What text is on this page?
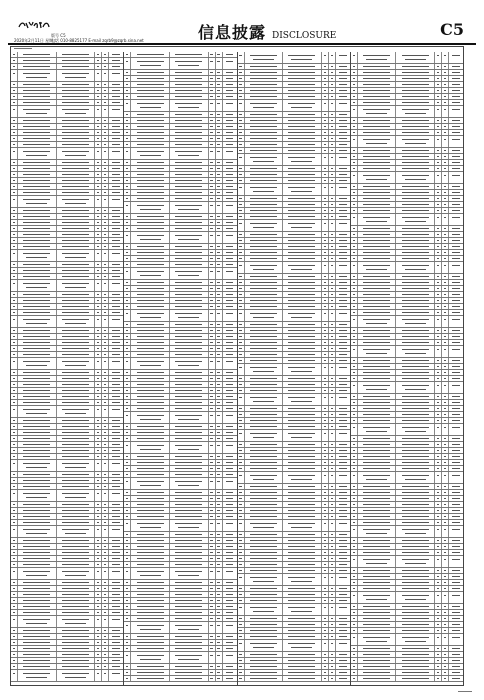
版号 C5
2020年2月11日 星期二
电话 010-8825177 E-mail zqrb9@zqrb.sina.net	信息披露 DISCLOSURE	C5
